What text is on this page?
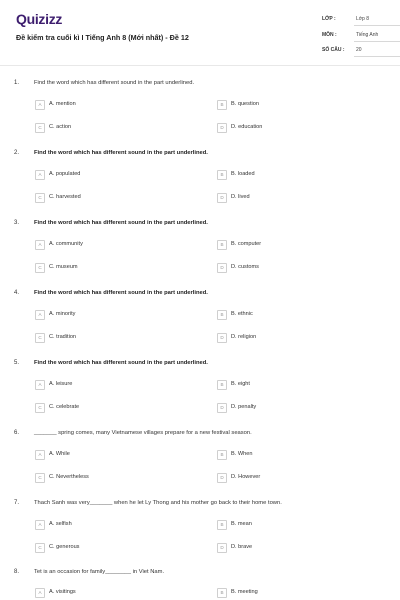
Quizizz
Đề kiểm tra cuối kì I Tiếng Anh 8 (Mới nhất) - Đề 12
LỚP :	Lớp 8
MÔN :	Tiếng Anh
SỐ CÂU : 20
1.	Find the word which has different sound in the part underlined.
A	A. mention	B	B. question
C	C. action	D	D. education
2.	Find the word which has different sound in the part underlined.
A	A. populated	B	B. loaded
C	C. harvested	D	D. lived
3.	Find the word which has different sound in the part underlined.
A	A. community	B	B. computer
C	C. museum	D	D. customs
4.	Find the word which has different sound in the part underlined.
A	A. minority	B	B. ethnic
C	C. tradition	D	D. religion
5.	Find the word which has different sound in the part underlined.
A	A. leisure	B	B. eight
C	C. celebrate	D	D. penalty
6.	_______ spring comes, many Vietnamese villages prepare for a new festival season.
A	A. While	B	B. When
C	C. Nevertheless	D	D. However
7.	Thach Sanh was very_______ when he let Ly Thong and his mother go back to their home town.
A	A. selfish	B	B. mean
C	C. generous	D	D. brave
8.	Tet is an occasion for family________ in Viet Nam.
A	A. visitings	B	B. meeting
